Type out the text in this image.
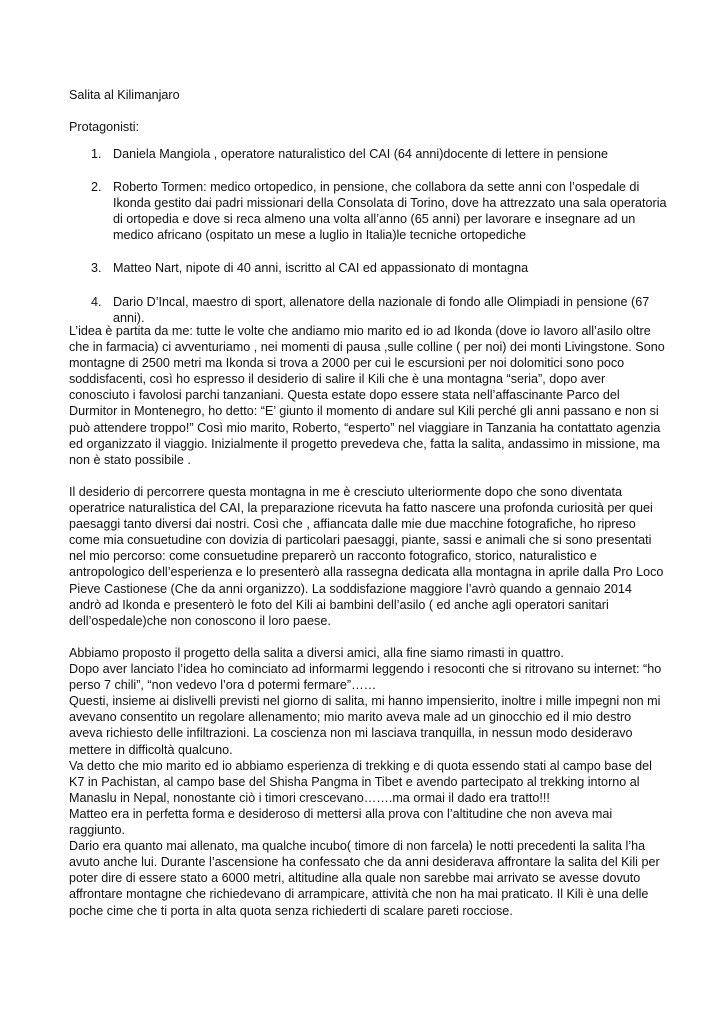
Salita al Kilimanjaro
Protagonisti:
1. Daniela Mangiola , operatore naturalistico del CAI (64 anni)docente di lettere in pensione
2. Roberto Tormen: medico ortopedico, in pensione, che collabora da sette anni con l’ospedale di Ikonda gestito dai padri missionari della Consolata di Torino, dove ha attrezzato una sala operatoria di ortopedia e dove si reca almeno una volta all’anno (65 anni) per lavorare e insegnare ad un medico africano (ospitato un mese a luglio in Italia)le tecniche ortopediche
3. Matteo Nart, nipote di 40 anni, iscritto al CAI ed appassionato di montagna
4. Dario D’Incal, maestro di sport, allenatore della nazionale di fondo alle Olimpiadi in pensione (67 anni).

L’idea è partita da me: tutte le volte che andiamo mio marito ed io ad Ikonda (dove io lavoro all’asilo oltre che in farmacia) ci avventuriamo , nei momenti di pausa ,sulle colline ( per noi) dei monti Livingstone. Sono montagne di 2500 metri ma Ikonda si trova a 2000 per cui le escursioni per noi dolomitici sono poco soddisfacenti, così ho espresso il desiderio di salire il Kili che è una montagna “seria”, dopo aver conosciuto i favolosi parchi tanzaniani. Questa estate dopo essere stata nell’affascinante Parco del Durmitor in Montenegro, ho detto: “E’ giunto il momento di andare sul Kili perché gli anni passano e non si può attendere troppo!” Così mio marito, Roberto, “esperto” nel viaggiare in Tanzania ha contattato agenzia ed organizzato il viaggio. Inizialmente il progetto prevedeva che, fatta la salita, andassimo in missione, ma non è stato possibile .

Il desiderio di percorrere questa montagna in me è cresciuto ulteriormente dopo che sono diventata operatrice naturalistica del CAI, la preparazione ricevuta ha fatto nascere una profonda curiosità per quei paesaggi tanto diversi dai nostri. Così che , affiancata dalle mie due macchine fotografiche, ho ripreso come mia consuetudine con dovizia di particolari paesaggi, piante, sassi e animali che si sono presentati nel mio percorso: come consuetudine preparerò un racconto fotografico, storico, naturalistico e antropologico dell’esperienza e lo presenterò alla rassegna dedicata alla montagna in aprile dalla Pro Loco Pieve Castionese (Che da anni organizzo). La soddisfazione maggiore l’avrò quando a gennaio 2014 andrò ad Ikonda e presenterò le foto del Kili ai bambini dell’asilo ( ed anche agli operatori sanitari dell’ospedale)che non conoscono il loro paese.

Abbiamo proposto il progetto della salita a diversi amici, alla fine siamo rimasti in quattro.
Dopo aver lanciato l’idea ho cominciato ad informarmi leggendo i resoconti che si ritrovano su internet: “ho perso 7 chili”, “non vedevo l’ora d potermi fermare”……
Questi, insieme ai dislivelli previsti nel giorno di salita, mi hanno impensierito, inoltre i mille impegni non mi avevano consentito un regolare allenamento; mio marito aveva male ad un ginocchio ed il mio destro aveva richiesto delle infiltrazioni. La coscienza non mi lasciava tranquilla, in nessun modo desideravo mettere in difficoltà qualcuno.
Va detto che mio marito ed io abbiamo esperienza di trekking e di quota essendo stati al campo base del K7 in Pachistan, al campo base del Shisha Pangma in Tibet e avendo partecipato al trekking intorno al Manaslu in Nepal, nonostante ciò i timori crescevano…….ma ormai il dado era tratto!!!
Matteo era in perfetta forma e desideroso di mettersi alla prova con l’altitudine che non aveva mai raggiunto.
Dario era quanto mai allenato, ma qualche incubo( timore di non farcela) le notti precedenti la salita l’ha avuto anche lui. Durante l’ascensione ha confessato che da anni desiderava affrontare la salita del Kili per poter dire di essere stato a 6000 metri, altitudine alla quale non sarebbe mai arrivato se avesse dovuto affrontare montagne che richiedevano di arrampicare, attività che non ha mai praticato. Il Kili è una delle poche cime che ti porta in alta quota senza richiederti di scalare pareti rocciose.
